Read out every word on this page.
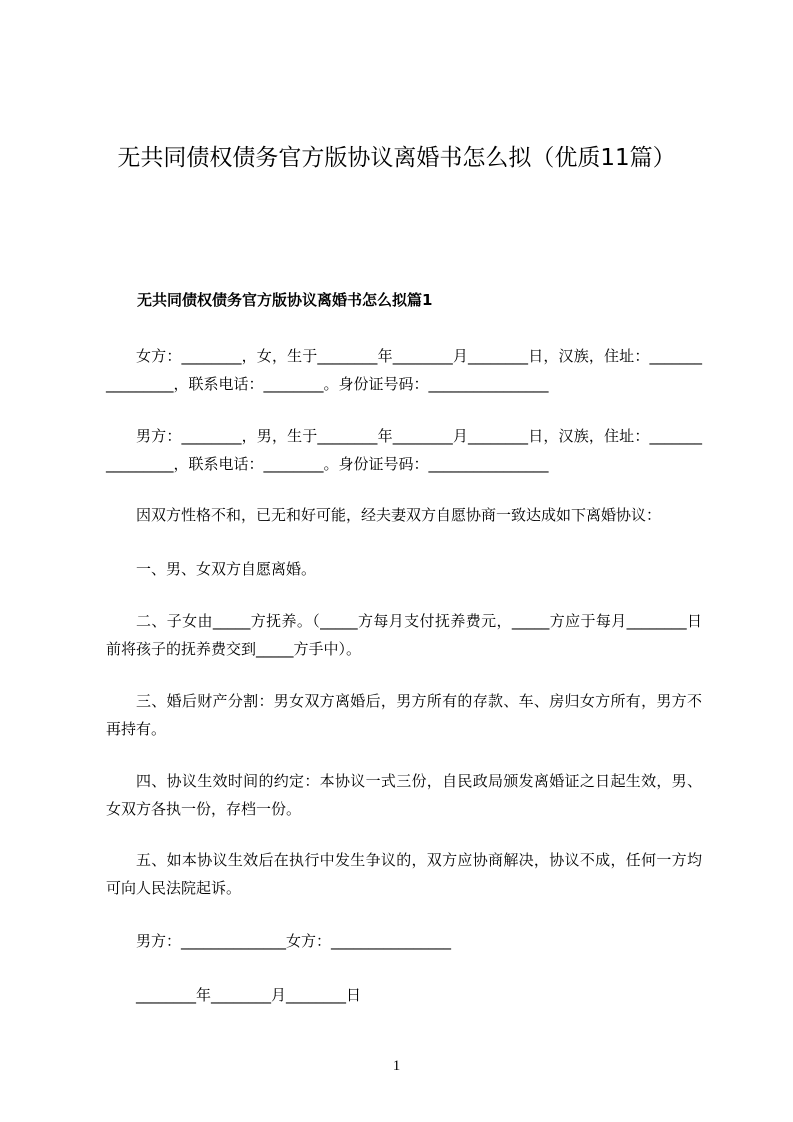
无共同债权债务官方版协议离婚书怎么拟（优质11篇）
无共同债权债务官方版协议离婚书怎么拟篇1
女方：________，女，生于________年________月________日，汉族，住址：________________，联系电话：________。身份证号码：________________
男方：________，男，生于________年________月________日，汉族，住址：________________，联系电话：________。身份证号码：________________
因双方性格不和，已无和好可能，经夫妻双方自愿协商一致达成如下离婚协议：
一、男、女双方自愿离婚。
二、子女由_____方抚养。（_____方每月支付抚养费元，_____方应于每月________日前将孩子的抚养费交到_____方手中）。
三、婚后财产分割：男女双方离婚后，男方所有的存款、车、房归女方所有，男方不再持有。
四、协议生效时间的约定：本协议一式三份，自民政局颁发离婚证之日起生效，男、女双方各执一份，存档一份。
五、如本协议生效后在执行中发生争议的，双方应协商解决，协议不成，任何一方均可向人民法院起诉。
男方：______________女方：________________
________年________月________日
1
